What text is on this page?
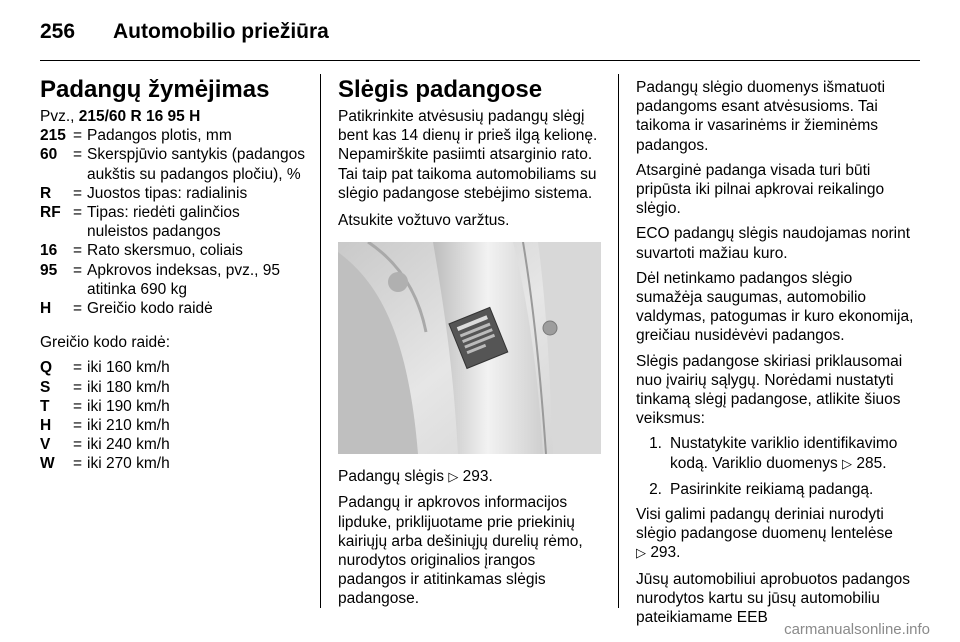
256 Automobilio priežiūra
Padangų žymėjimas

Pvz., 215/60 R 16 95 H

215 = Padangos plotis, mm
60	= Skerspjūvio santykis (padangos aukštis su padangos pločiu), %
R	= Juostos tipas: radialinis
RF = Tipas: riedėti galinčios nuleistos padangos
16	= Rato skersmuo, coliais
95	= Apkrovos indeksas, pvz., 95 atitinka 690 kg
H	= Greičio kodo raidė

Greičio kodo raidė:

Q	= iki 160 km/h
S	= iki 180 km/h
T	= iki 190 km/h
H	= iki 210 km/h
V	= iki 240 km/h
W	= iki 270 km/h
Slėgis padangose

Patikrinkite atvėsusių padangų slėgį bent kas 14 dienų ir prieš ilgą kelionę. Nepamirškite pasiimti atsarginio rato. Tai taip pat taikoma automobiliams su slėgio padangose stebėjimo sistema.

Atsukite vožtuvo varžtus.

Padangų slėgis ▷ 293.

Padangų ir apkrovos informacijos lipduke, priklijuotame prie priekinių kairiųjų arba dešiniųjų durelių rėmo, nurodytos originalios įrangos padangos ir atitinkamas slėgis padangose.

Padangų slėgio duomenys išmatuoti padangoms esant atvėsusioms. Tai taikoma ir vasarinėms ir žieminėms padangos.

Atsarginė padanga visada turi būti pripūsta iki pilnai apkrovai reikalingo slėgio.

ECO padangų slėgis naudojamas norint suvartoti mažiau kuro.

Dėl netinkamo padangos slėgio sumažėja saugumas, automobilio valdymas, patogumas ir kuro ekonomija, greičiau nusidėvėvi padangos.

Slėgis padangose skiriasi priklausomai nuo įvairių sąlygų. Norėdami nustatyti tinkamą slėgį padangose, atlikite šiuos veiksmus:

1. Nustatykite variklio identifikavimo kodą. Variklio duomenys ▷ 285.
2. Pasirinkite reikiamą padangą.

Visi galimi padangų deriniai nurodyti slėgio padangose duomenų lentelėse
▷ 293.

Jūsų automobiliui aprobuotos padangos nurodytos kartu su jūsų automobiliu pateikiamame EEB

carmanualsonline.info
